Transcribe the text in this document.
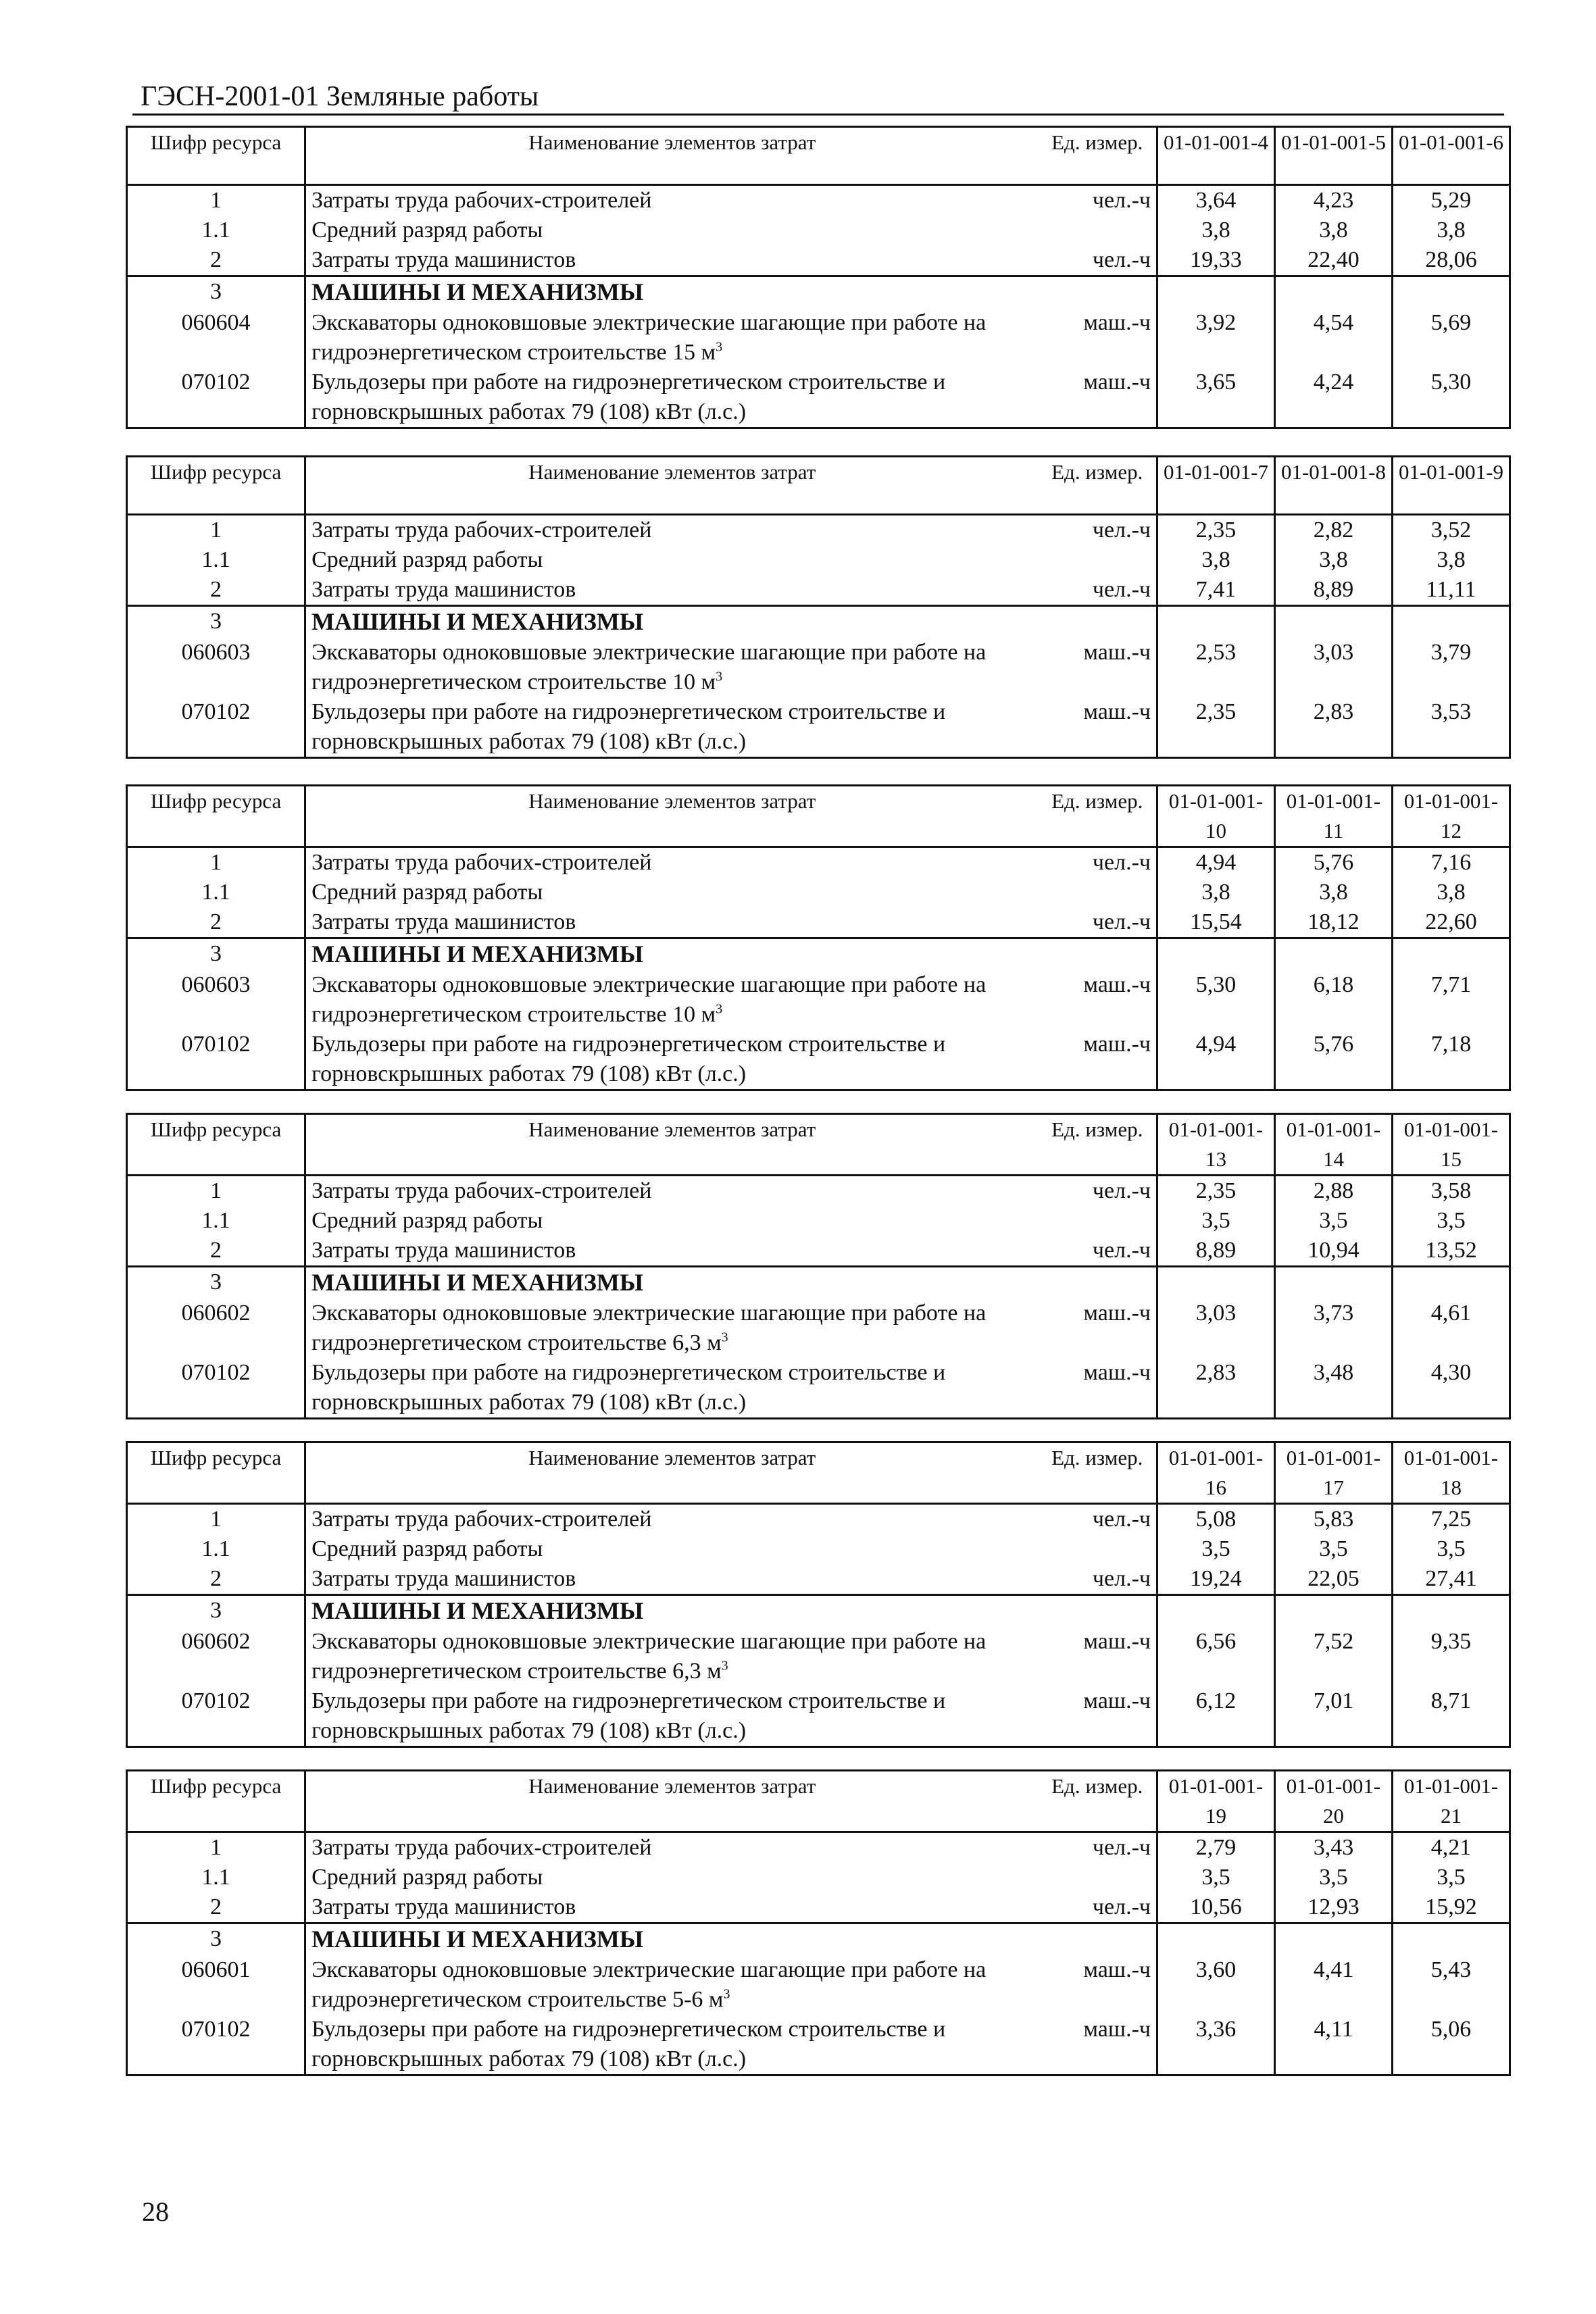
ГЭСН-2001-01 Земляные работы
Шифр ресурса	Наименование элементов затрат	Ед. измер.	01-01-001-4	01-01-001-5	01-01-001-6
1	Затраты труда рабочих-строителей	чел.-ч	3,64	4,23	5,29
1.1	Средний разряд работы		3,8	3,8	3,8
2	Затраты труда машинистов	чел.-ч	19,33	22,40	28,06
3	МАШИНЫ И МЕХАНИЗМЫ				
060604	Экскаваторы одноковшовые электрические шагающие при работе на гидроэнергетическом строительстве 15 $м^3$	маш.-ч	3,92	4,54	5,69
070102	Бульдозеры при работе на гидроэнергетическом строительстве и горновскрышных работах 79 (108) кВт (л.с.)	маш.-ч	3,65	4,24	5,30
Шифр ресурса	Наименование элементов затрат	Ед. измер.	01-01-001-7	01-01-001-8	01-01-001-9
1	Затраты труда рабочих-строителей	чел.-ч	2,35	2,82	3,52
1.1	Средний разряд работы		3,8	3,8	3,8
2	Затраты труда машинистов	чел.-ч	7,41	8,89	11,11
3	МАШИНЫ И МЕХАНИЗМЫ				
060603	Экскаваторы одноковшовые электрические шагающие при работе на гидроэнергетическом строительстве 10 $м^3$	маш.-ч	2,53	3,03	3,79
070102	Бульдозеры при работе на гидроэнергетическом строительстве и горновскрышных работах 79 (108) кВт (л.с.)	маш.-ч	2,35	2,83	3,53
Шифр ресурса	Наименование элементов затрат	Ед. измер.	01-01-001-10	01-01-001-11	01-01-001-12
1	Затраты труда рабочих-строителей	чел.-ч	4,94	5,76	7,16
1.1	Средний разряд работы		3,8	3,8	3,8
2	Затраты труда машинистов	чел.-ч	15,54	18,12	22,60
3	МАШИНЫ И МЕХАНИЗМЫ				
060603	Экскаваторы одноковшовые электрические шагающие при работе на гидроэнергетическом строительстве 10 $м^3$	маш.-ч	5,30	6,18	7,71
070102	Бульдозеры при работе на гидроэнергетическом строительстве и горновскрышных работах 79 (108) кВт (л.с.)	маш.-ч	4,94	5,76	7,18
Шифр ресурса	Наименование элементов затрат	Ед. измер.	01-01-001-13	01-01-001-14	01-01-001-15
1	Затраты труда рабочих-строителей	чел.-ч	2,35	2,88	3,58
1.1	Средний разряд работы		3,5	3,5	3,5
2	Затраты труда машинистов	чел.-ч	8,89	10,94	13,52
3	МАШИНЫ И МЕХАНИЗМЫ				
060602	Экскаваторы одноковшовые электрические шагающие при работе на гидроэнергетическом строительстве 6,3 $м^3$	маш.-ч	3,03	3,73	4,61
070102	Бульдозеры при работе на гидроэнергетическом строительстве и горновскрышных работах 79 (108) кВт (л.с.)	маш.-ч	2,83	3,48	4,30
Шифр ресурса	Наименование элементов затрат	Ед. измер.	01-01-001-16	01-01-001-17	01-01-001-18
1	Затраты труда рабочих-строителей	чел.-ч	5,08	5,83	7,25
1.1	Средний разряд работы		3,5	3,5	3,5
2	Затраты труда машинистов	чел.-ч	19,24	22,05	27,41
3	МАШИНЫ И МЕХАНИЗМЫ				
060602	Экскаваторы одноковшовые электрические шагающие при работе на гидроэнергетическом строительстве 6,3 $м^3$	маш.-ч	6,56	7,52	9,35
070102	Бульдозеры при работе на гидроэнергетическом строительстве и горновскрышных работах 79 (108) кВт (л.с.)	маш.-ч	6,12	7,01	8,71
Шифр ресурса	Наименование элементов затрат	Ед. измер.	01-01-001-19	01-01-001-20	01-01-001-21
1	Затраты труда рабочих-строителей	чел.-ч	2,79	3,43	4,21
1.1	Средний разряд работы		3,5	3,5	3,5
2	Затраты труда машинистов	чел.-ч	10,56	12,93	15,92
3	МАШИНЫ И МЕХАНИЗМЫ				
060601	Экскаваторы одноковшовые электрические шагающие при работе на гидроэнергетическом строительстве 5-6 $м^3$	маш.-ч	3,60	4,41	5,43
070102	Бульдозеры при работе на гидроэнергетическом строительстве и горновскрышных работах 79 (108) кВт (л.с.)	маш.-ч	3,36	4,11	5,06
28
